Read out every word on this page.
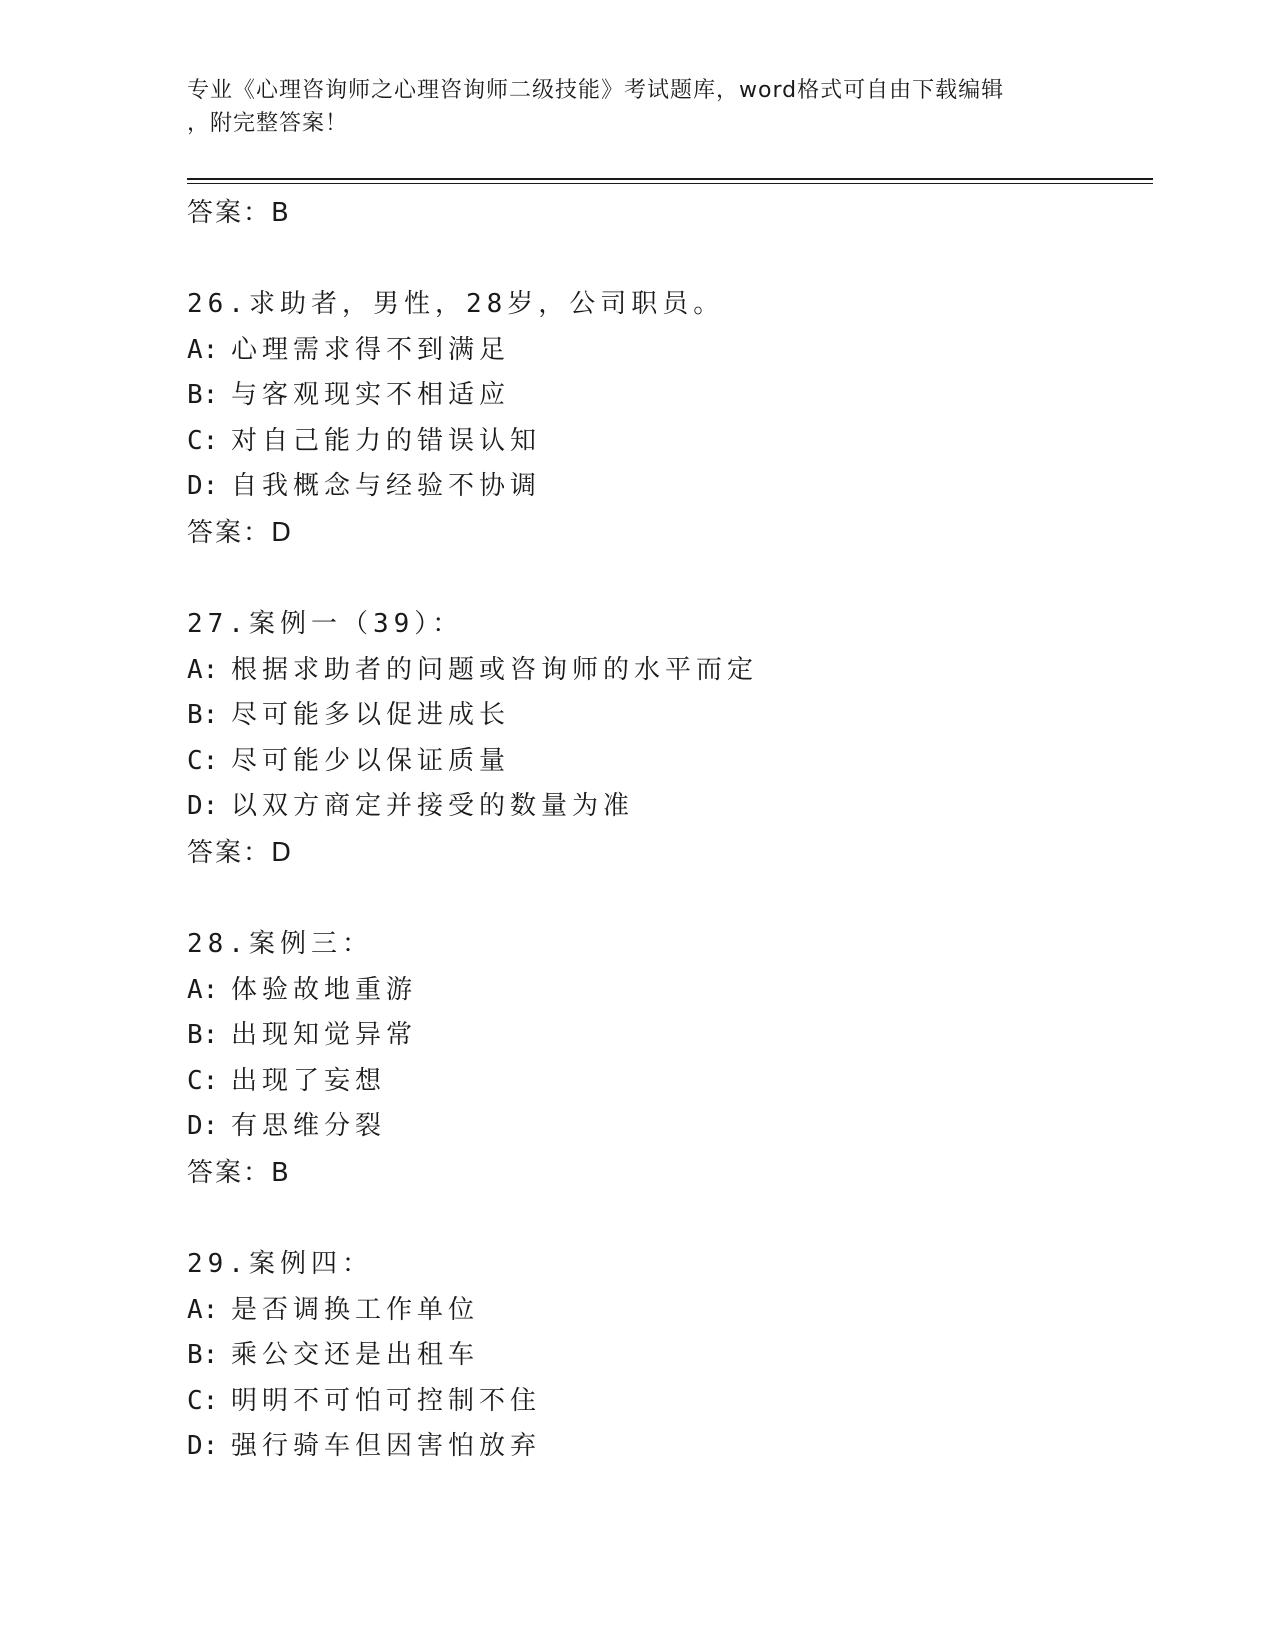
专业《心理咨询师之心理咨询师二级技能》考试题库，word格式可自由下载编辑
，附完整答案！
答案：B
26.求助者，男性，28岁，公司职员。
A: 心理需求得不到满足
B: 与客观现实不相适应
C: 对自己能力的错误认知
D: 自我概念与经验不协调
答案：D
27.案例一（39）：
A: 根据求助者的问题或咨询师的水平而定
B: 尽可能多以促进成长
C: 尽可能少以保证质量
D: 以双方商定并接受的数量为准
答案：D
28.案例三：
A: 体验故地重游
B: 出现知觉异常
C: 出现了妄想
D: 有思维分裂
答案：B
29.案例四：
A: 是否调换工作单位
B: 乘公交还是出租车
C: 明明不可怕可控制不住
D: 强行骑车但因害怕放弃
